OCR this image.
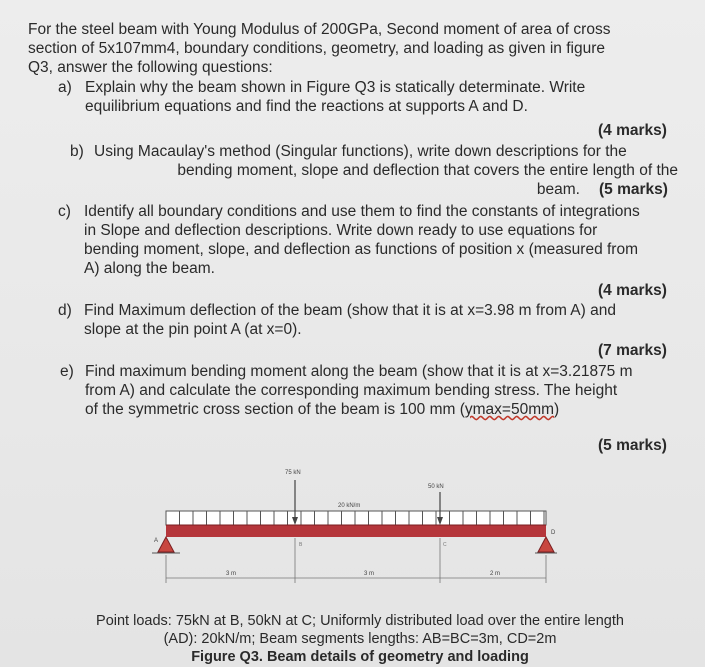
For the steel beam with Young Modulus of 200GPa, Second moment of area of cross
section of 5x107mm4, boundary conditions, geometry, and loading as given in figure
Q3, answer the following questions:
a) Explain why the beam shown in Figure Q3 is statically determinate. Write
equilibrium equations and find the reactions at supports A and D.
(4 marks)
b) Using Macaulay's method (Singular functions), write down descriptions for the
bending moment, slope and deflection that covers the entire length of the
beam.	(5 marks)
c) Identify all boundary conditions and use them to find the constants of integrations
in Slope and deflection descriptions. Write down ready to use equations for
bending moment, slope, and deflection as functions of position x (measured from
A) along the beam.
(4 marks)
d) Find Maximum deflection of the beam (show that it is at x=3.98 m from A) and
slope at the pin point A (at x=0).
(7 marks)
e) Find maximum bending moment along the beam (show that it is at x=3.21875 m
from A) and calculate the corresponding maximum bending stress. The height
of the symmetric cross section of the beam is 100 mm (ymax=50mm)
(5 marks)
75 kN
50 kN
20 kN/m
A
B	C
D
3 m	3 m	2 m
Point loads: 75kN at B, 50kN at C; Uniformly distributed load over the entire length
(AD): 20kN/m; Beam segments lengths: AB=BC=3m, CD=2m
Figure Q3. Beam details of geometry and loading
